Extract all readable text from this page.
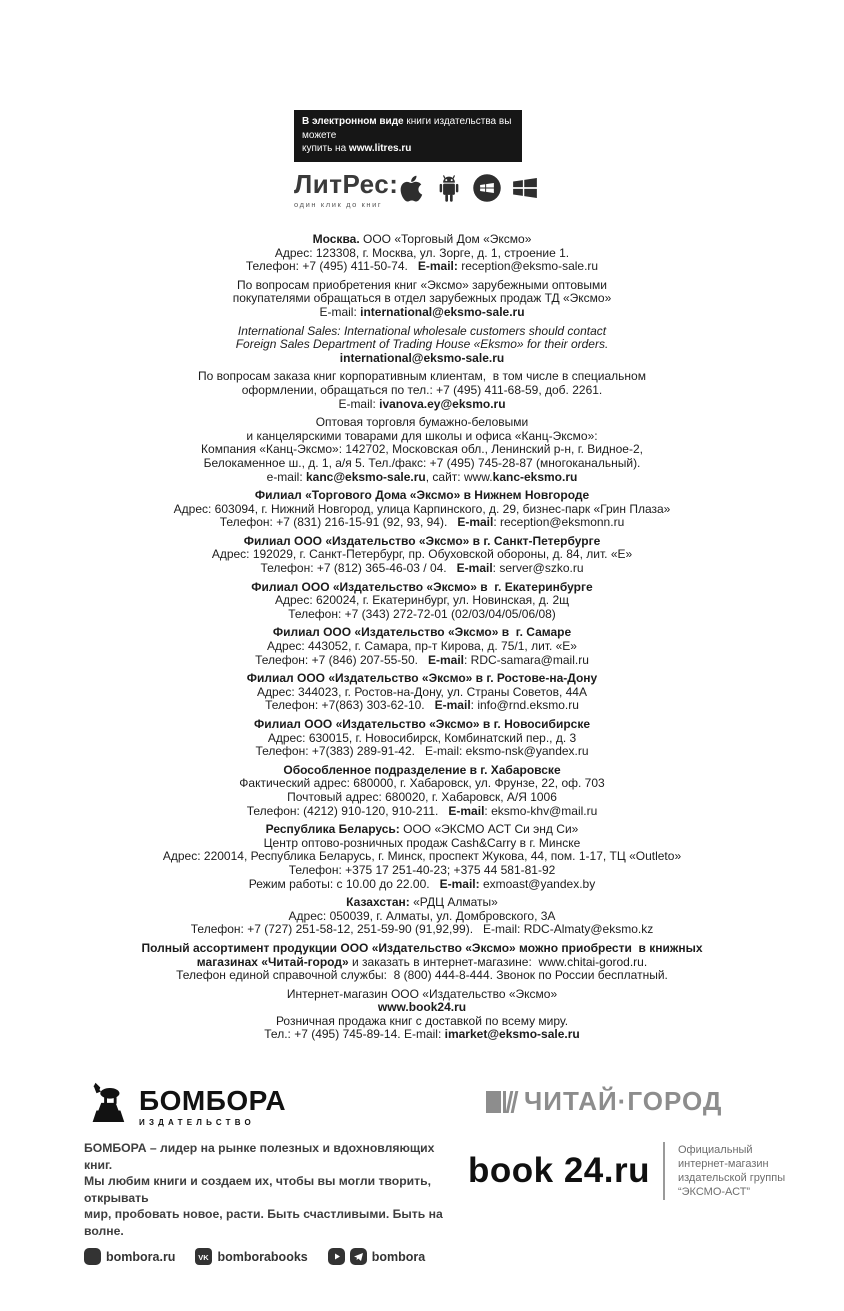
В электронном виде книги издательства вы можете
купить на www.litres.ru
ЛитРес:
один клик до книг
Москва. ООО «Торговый Дом «Эксмо»
Адрес: 123308, г. Москва, ул. Зорге, д. 1, строение 1.
Телефон: +7 (495) 411-50-74.   E-mail: reception@eksmo-sale.ru
По вопросам приобретения книг «Эксмо» зарубежными оптовыми
покупателями обращаться в отдел зарубежных продаж ТД «Эксмо»
E-mail: international@eksmo-sale.ru
International Sales: International wholesale customers should contact
Foreign Sales Department of Trading House «Eksmo» for their orders.
international@eksmo-sale.ru
По вопросам заказа книг корпоративным клиентам,  в том числе в специальном
оформлении, обращаться по тел.: +7 (495) 411-68-59, доб. 2261.
E-mail: ivanova.ey@eksmo.ru
Оптовая торговля бумажно-беловыми
и канцелярскими товарами для школы и офиса «Канц-Эксмо»:
Компания «Канц-Эксмо»: 142702, Московская обл., Ленинский р-н, г. Видное-2,
Белокаменное ш., д. 1, а/я 5. Тел./факс: +7 (495) 745-28-87 (многоканальный).
e-mail: kanc@eksmo-sale.ru, сайт: www.kanc-eksmo.ru
Филиал «Торгового Дома «Эксмо» в Нижнем Новгороде
Адрес: 603094, г. Нижний Новгород, улица Карпинского, д. 29, бизнес-парк «Грин Плаза»
Телефон: +7 (831) 216-15-91 (92, 93, 94).   E-mail: reception@eksmonn.ru
Филиал ООО «Издательство «Эксмо» в г. Санкт-Петербурге
Адрес: 192029, г. Санкт-Петербург, пр. Обуховской обороны, д. 84, лит. «Е»
Телефон: +7 (812) 365-46-03 / 04.   E-mail: server@szko.ru
Филиал ООО «Издательство «Эксмо» в  г. Екатеринбурге
Адрес: 620024, г. Екатеринбург, ул. Новинская, д. 2щ
Телефон: +7 (343) 272-72-01 (02/03/04/05/06/08)
Филиал ООО «Издательство «Эксмо» в  г. Самаре
Адрес: 443052, г. Самара, пр-т Кирова, д. 75/1, лит. «Е»
Телефон: +7 (846) 207-55-50.   E-mail: RDC-samara@mail.ru
Филиал ООО «Издательство «Эксмо» в г. Ростове-на-Дону
Адрес: 344023, г. Ростов-на-Дону, ул. Страны Советов, 44А
Телефон: +7(863) 303-62-10.   E-mail: info@rnd.eksmo.ru
Филиал ООО «Издательство «Эксмо» в г. Новосибирске
Адрес: 630015, г. Новосибирск, Комбинатский пер., д. 3
Телефон: +7(383) 289-91-42.   E-mail: eksmo-nsk@yandex.ru
Обособленное подразделение в г. Хабаровске
Фактический адрес: 680000, г. Хабаровск, ул. Фрунзе, 22, оф. 703
Почтовый адрес: 680020, г. Хабаровск, А/Я 1006
Телефон: (4212) 910-120, 910-211.   E-mail: eksmo-khv@mail.ru
Республика Беларусь: ООО «ЭКСМО АСТ Си энд Си»
Центр оптово-розничных продаж Cash&Carry в г. Минске
Адрес: 220014, Республика Беларусь, г. Минск, проспект Жукова, 44, пом. 1-17, ТЦ «Outleto»
Телефон: +375 17 251-40-23; +375 44 581-81-92
Режим работы: с 10.00 до 22.00.   E-mail: exmoast@yandex.by
Казахстан: «РДЦ Алматы»
Адрес: 050039, г. Алматы, ул. Домбровского, 3А
Телефон: +7 (727) 251-58-12, 251-59-90 (91,92,99).   E-mail: RDC-Almaty@eksmo.kz
Полный ассортимент продукции ООО «Издательство «Эксмо» можно приобрести  в книжных
магазинах «Читай-город» и заказать в интернет-магазине:  www.chitai-gorod.ru.
Телефон единой справочной службы:  8 (800) 444-8-444. Звонок по России бесплатный.
Интернет-магазин ООО «Издательство «Эксмо»
www.book24.ru
Розничная продажа книг с доставкой по всему миру.
Тел.: +7 (495) 745-89-14. E-mail: imarket@eksmo-sale.ru
БОМБОРА
ИЗДАТЕЛЬСТВО
БОМБОРА – лидер на рынке полезных и вдохновляющих книг.
Мы любим книги и создаем их, чтобы вы могли творить, открывать
мир, пробовать новое, расти. Быть счастливыми. Быть на волне.
bombora.ru	VK bomborabooks	bombora
ЧИТАЙ·ГОРОД
book 24.ru
Официальный
интернет-магазин
издательской группы
“ЭКСМО-АСТ”
